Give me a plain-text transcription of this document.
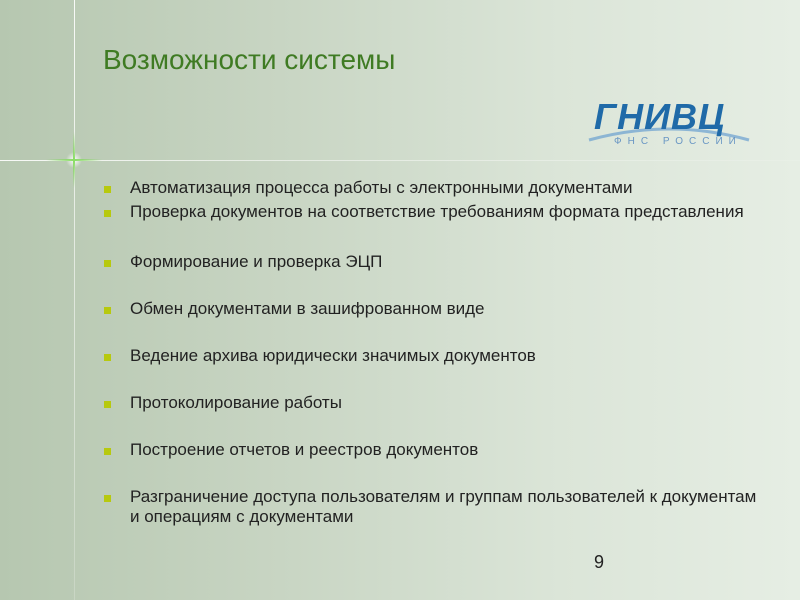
Возможности системы
ГНИВЦ
ФНС РОССИИ
Автоматизация процесса работы с электронными документами
Проверка документов на соответствие требованиям формата представления
Формирование и проверка ЭЦП
Обмен документами в зашифрованном виде
Ведение архива юридически значимых документов
Протоколирование работы
Построение отчетов и реестров документов
Разграничение доступа пользователям и группам пользователей к документам и операциям с документами
9
